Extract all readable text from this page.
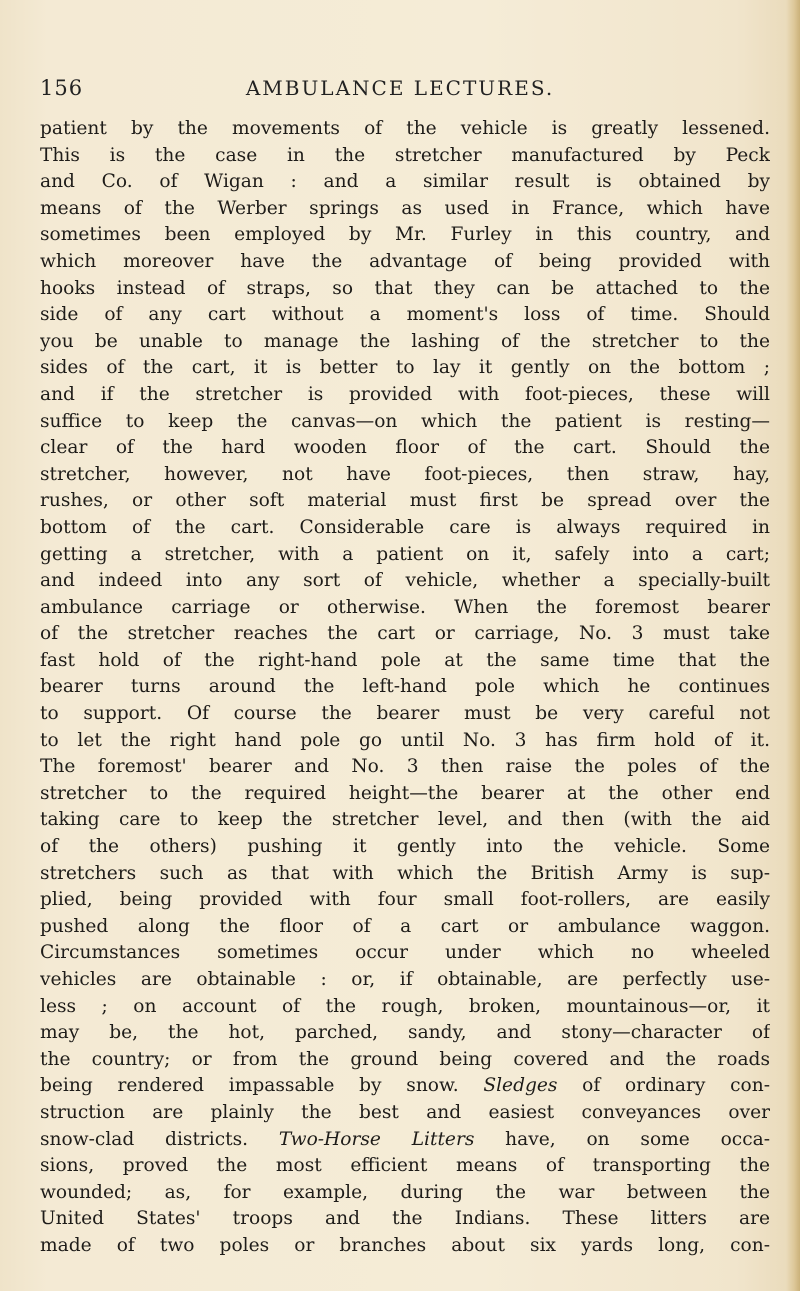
156	AMBULANCE LECTURES.
patient by the movements of the vehicle is greatly lessened.
This is the case in the stretcher manufactured by Peck
and Co. of Wigan : and a similar result is obtained by
means of the Werber springs as used in France, which have
sometimes been employed by Mr. Furley in this country, and
which moreover have the advantage of being provided with
hooks instead of straps, so that they can be attached to the
side of any cart without a moment's loss of time. Should
you be unable to manage the lashing of the stretcher to the
sides of the cart, it is better to lay it gently on the bottom ;
and if the stretcher is provided with foot-pieces, these will
suffice to keep the canvas—on which the patient is resting—
clear of the hard wooden floor of the cart. Should the
stretcher, however, not have foot-pieces, then straw, hay,
rushes, or other soft material must first be spread over the
bottom of the cart. Considerable care is always required in
getting a stretcher, with a patient on it, safely into a cart;
and indeed into any sort of vehicle, whether a specially-built
ambulance carriage or otherwise. When the foremost bearer
of the stretcher reaches the cart or carriage, No. 3 must take
fast hold of the right-hand pole at the same time that the
bearer turns around the left-hand pole which he continues
to support. Of course the bearer must be very careful not
to let the right hand pole go until No. 3 has firm hold of it.
The foremost' bearer and No. 3 then raise the poles of the
stretcher to the required height—the bearer at the other end
taking care to keep the stretcher level, and then (with the aid
of the others) pushing it gently into the vehicle. Some
stretchers such as that with which the British Army is sup-
plied, being provided with four small foot-rollers, are easily
pushed along the floor of a cart or ambulance waggon.
Circumstances sometimes occur under which no wheeled
vehicles are obtainable : or, if obtainable, are perfectly use-
less ; on account of the rough, broken, mountainous—or, it
may be, the hot, parched, sandy, and stony—character of
the country; or from the ground being covered and the roads
being rendered impassable by snow. Sledges of ordinary con-
struction are plainly the best and easiest conveyances over
snow-clad districts. Two-Horse Litters have, on some occa-
sions, proved the most efficient means of transporting the
wounded; as, for example, during the war between the
United States' troops and the Indians. These litters are
made of two poles or branches about six yards long, con-
